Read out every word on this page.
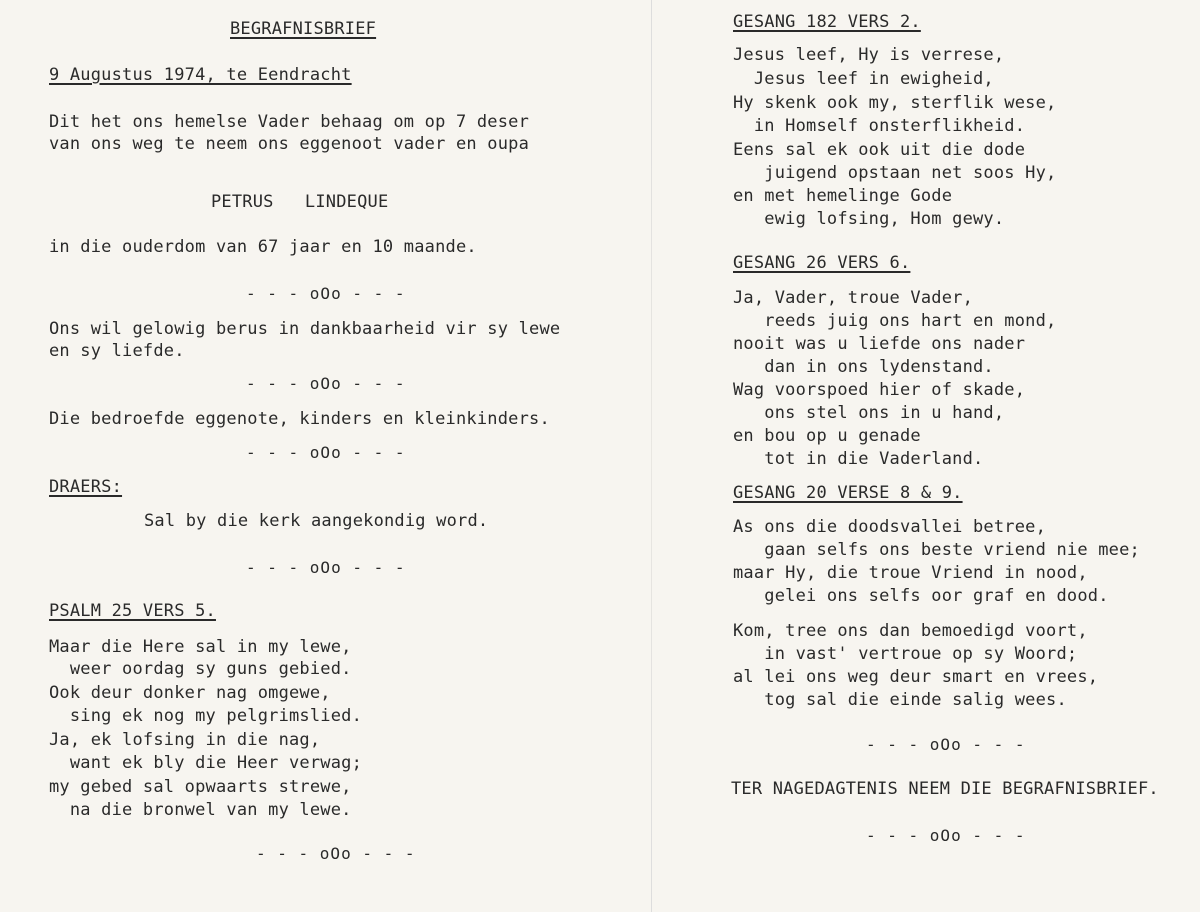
BEGRAFNISBRIEF
9 Augustus 1974, te Eendracht
Dit het ons hemelse Vader behaag om op 7 deser
van ons weg te neem ons eggenoot vader en oupa
PETRUS   LINDEQUE
in die ouderdom van 67 jaar en 10 maande.
- - - oOo - - -
Ons wil gelowig berus in dankbaarheid vir sy lewe
en sy liefde.
- - - oOo - - -
Die bedroefde eggenote, kinders en kleinkinders.
- - - oOo - - -
DRAERS:
Sal by die kerk aangekondig word.
- - - oOo - - -
PSALM 25 VERS 5.
Maar die Here sal in my lewe,
weer oordag sy guns gebied.
Ook deur donker nag omgewe,
sing ek nog my pelgrimslied.
Ja, ek lofsing in die nag,
want ek bly die Heer verwag;
my gebed sal opwaarts strewe,
na die bronwel van my lewe.
- - - oOo - - -
GESANG 182 VERS 2.
Jesus leef, Hy is verrese,
Jesus leef in ewigheid,
Hy skenk ook my, sterflik wese,
in Homself onsterflikheid.
Eens sal ek ook uit die dode
juigend opstaan net soos Hy,
en met hemelinge Gode
ewig lofsing, Hom gewy.
GESANG 26 VERS 6.
Ja, Vader, troue Vader,
reeds juig ons hart en mond,
nooit was u liefde ons nader
dan in ons lydenstand.
Wag voorspoed hier of skade,
ons stel ons in u hand,
en bou op u genade
tot in die Vaderland.
GESANG 20 VERSE 8 & 9.
As ons die doodsvallei betree,
gaan selfs ons beste vriend nie mee;
maar Hy, die troue Vriend in nood,
gelei ons selfs oor graf en dood.
Kom, tree ons dan bemoedigd voort,
in vast' vertroue op sy Woord;
al lei ons weg deur smart en vrees,
tog sal die einde salig wees.
- - - oOo - - -
TER NAGEDAGTENIS NEEM DIE BEGRAFNISBRIEF.
- - - oOo - - -
